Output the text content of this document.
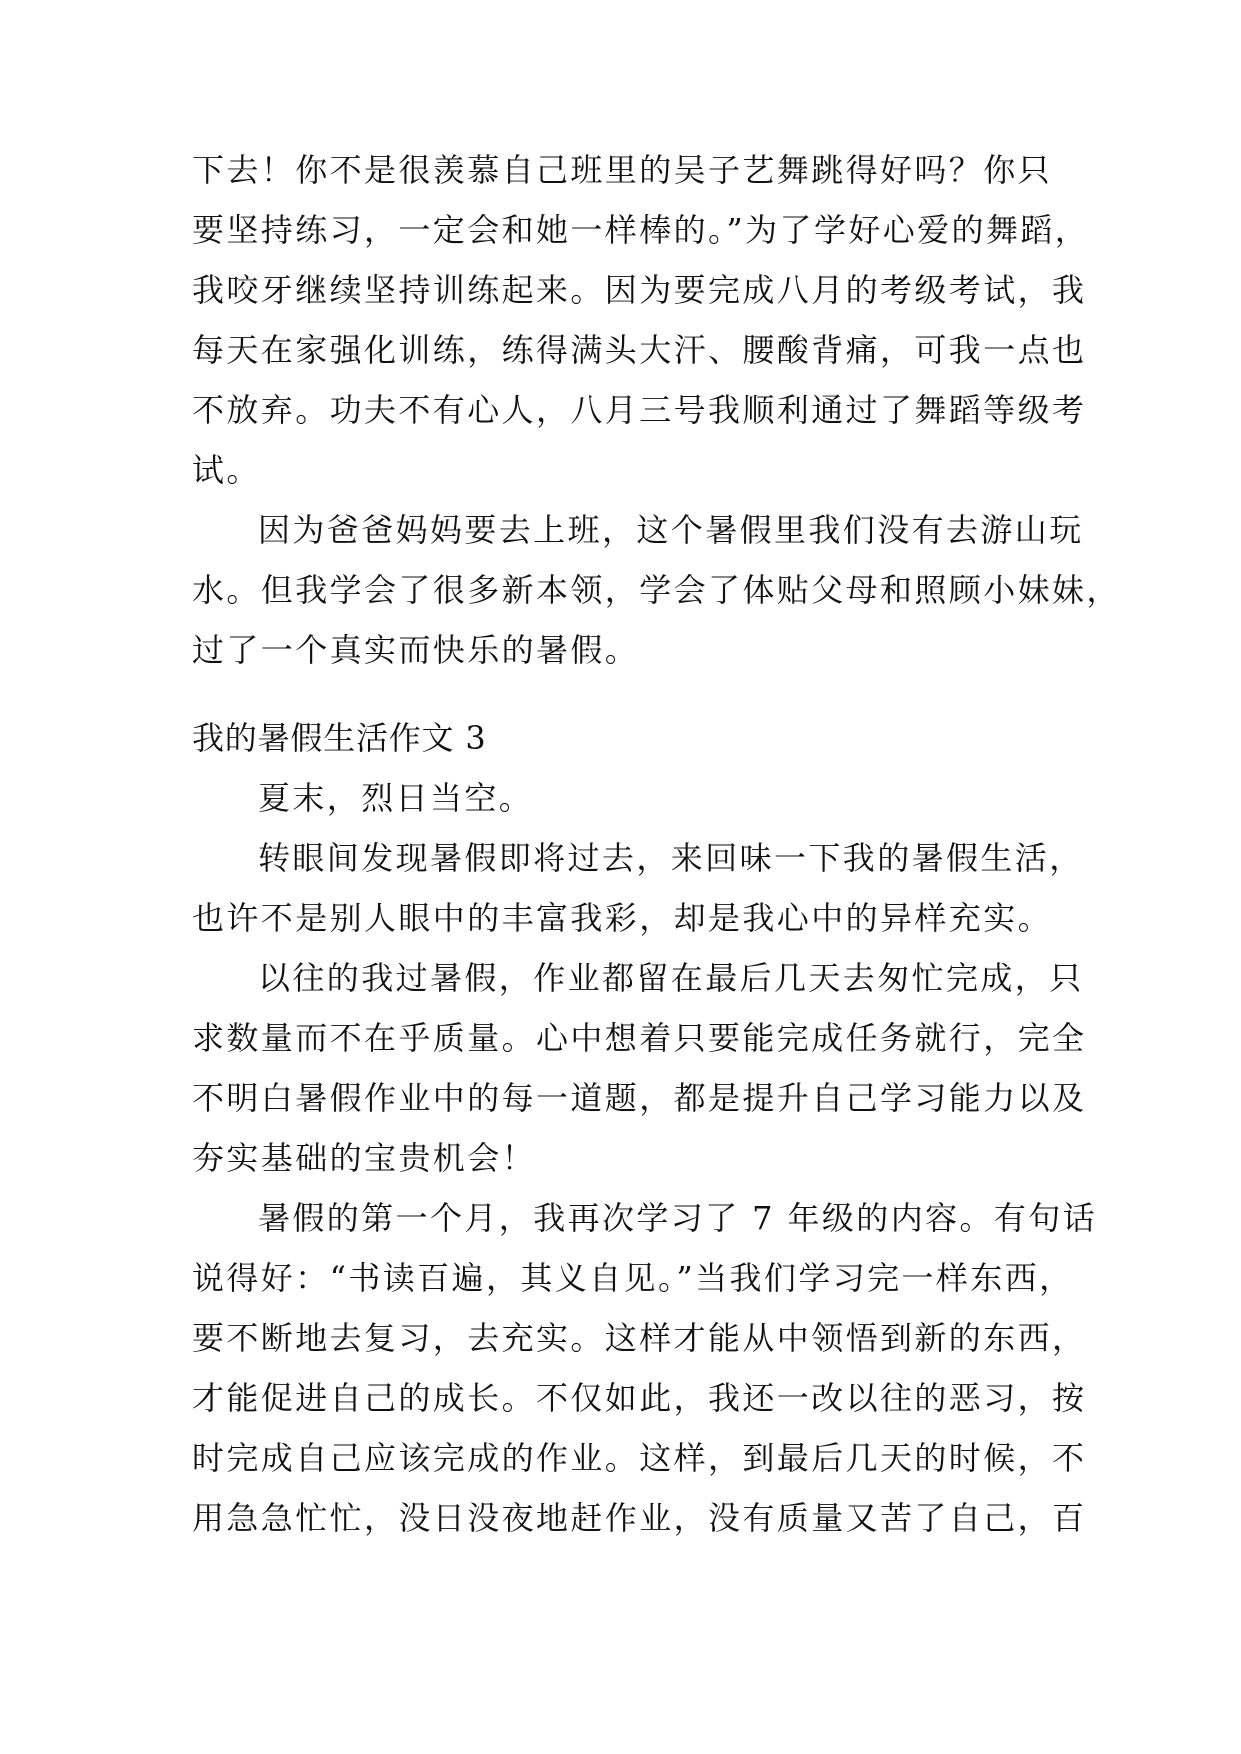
下去！你不是很羡慕自己班里的吴子艺舞跳得好吗？你只
要坚持练习，一定会和她一样棒的。”为了学好心爱的舞蹈，
我咬牙继续坚持训练起来。因为要完成八月的考级考试，我
每天在家强化训练，练得满头大汗、腰酸背痛，可我一点也
不放弃。功夫不有心人，八月三号我顺利通过了舞蹈等级考
试。
因为爸爸妈妈要去上班，这个暑假里我们没有去游山玩
水。但我学会了很多新本领，学会了体贴父母和照顾小妹妹，
过了一个真实而快乐的暑假。
我的暑假生活作文 3
夏末，烈日当空。
转眼间发现暑假即将过去，来回味一下我的暑假生活，
也许不是别人眼中的丰富我彩，却是我心中的异样充实。
以往的我过暑假，作业都留在最后几天去匆忙完成，只
求数量而不在乎质量。心中想着只要能完成任务就行，完全
不明白暑假作业中的每一道题，都是提升自己学习能力以及
夯实基础的宝贵机会！
暑假的第一个月，我再次学习了 7 年级的内容。有句话
说得好：“书读百遍，其义自见。”当我们学习完一样东西，
要不断地去复习，去充实。这样才能从中领悟到新的东西，
才能促进自己的成长。不仅如此，我还一改以往的恶习，按
时完成自己应该完成的作业。这样，到最后几天的时候，不
用急急忙忙，没日没夜地赶作业，没有质量又苦了自己，百
